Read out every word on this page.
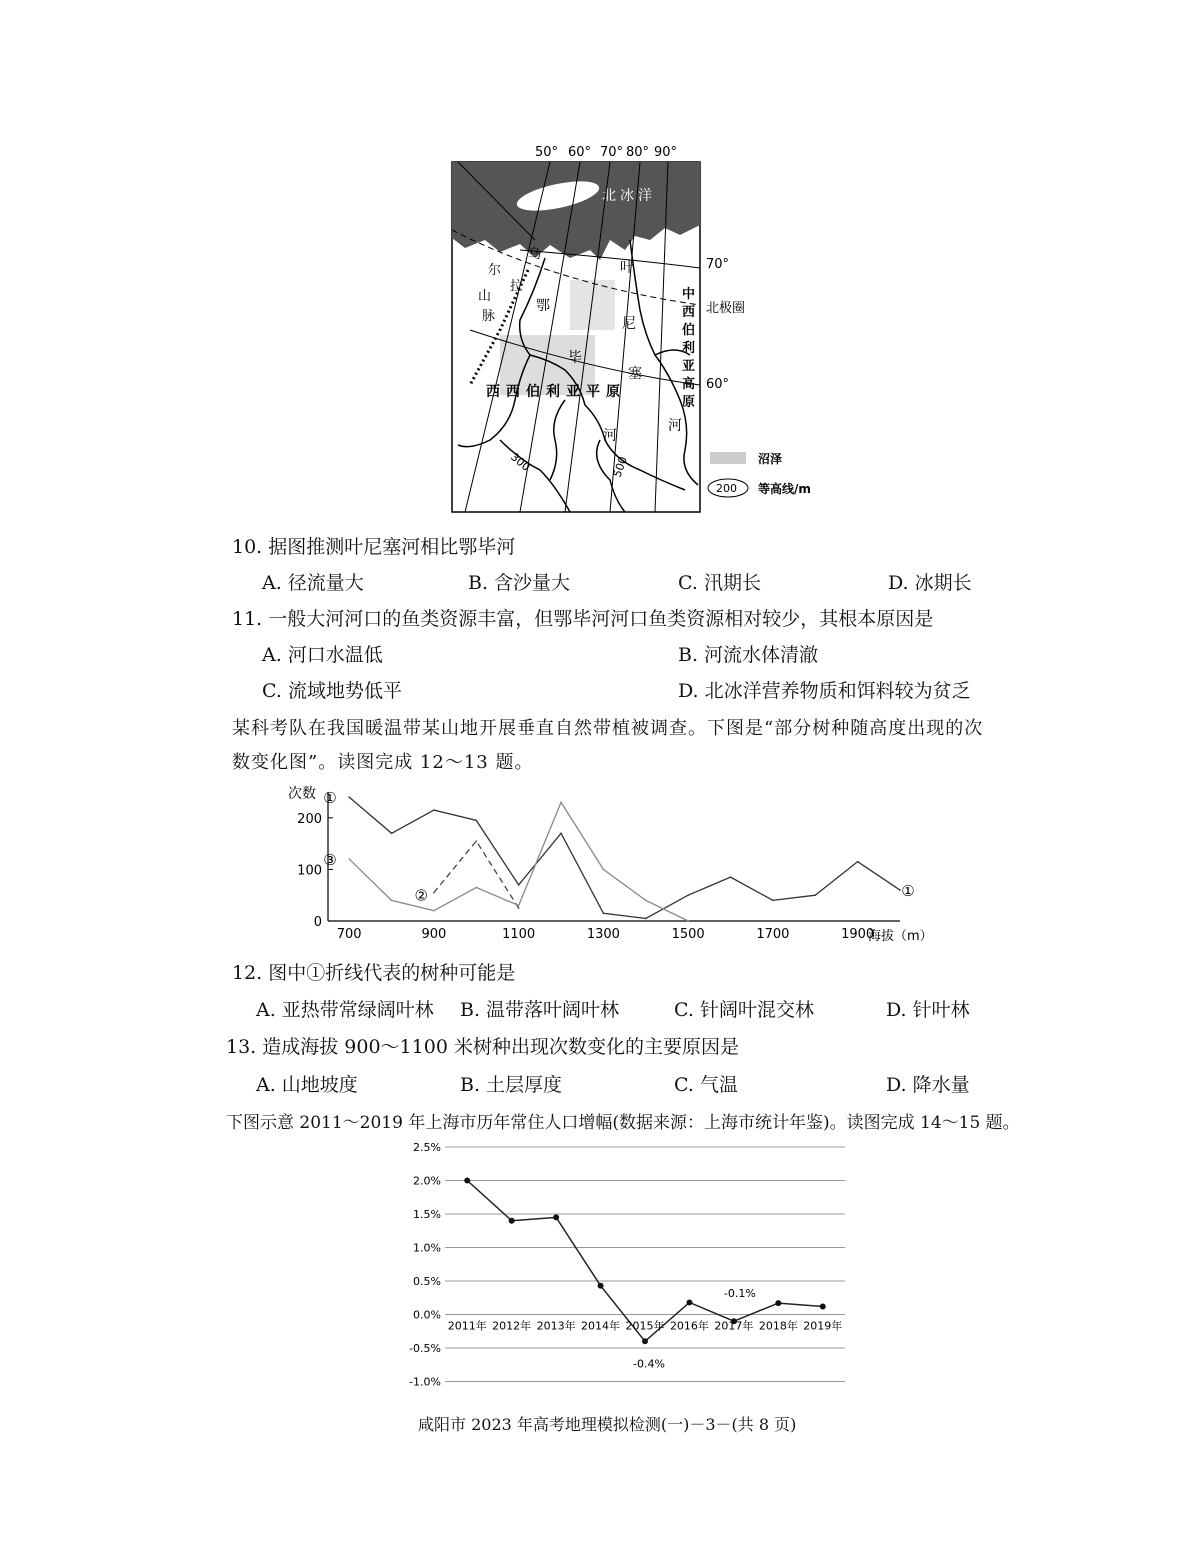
50° 60° 70° 80° 90°
北冰洋
300	500
70°
北极圈
60°
乌
尔
拉
山
脉
鄂
毕
河
叶
尼
塞
河
西 西 伯 利 亚 平 原
中
西
伯
利
亚
高
原
沼泽
200 等高线/m
10. 据图推测叶尼塞河相比鄂毕河
A. 径流量大	B. 含沙量大	C. 汛期长	D. 冰期长
11. 一般大河河口的鱼类资源丰富，但鄂毕河河口鱼类资源相对较少，其根本原因是
A. 河口水温低	B. 河流水体清澈
C. 流域地势低平	D. 北冰洋营养物质和饵料较为贫乏
某科考队在我国暖温带某山地开展垂直自然带植被调查。下图是“部分树种随高度出现的次
数变化图”。读图完成 12～13 题。
次数
海拔（m）
0
100
200
700	900	1100	1300	1500	1700	1900
①
②
③
①
12. 图中①折线代表的树种可能是
A. 亚热带常绿阔叶林 B. 温带落叶阔叶林	C. 针阔叶混交林	D. 针叶林
13. 造成海拔 900～1100 米树种出现次数变化的主要原因是
A. 山地坡度	B. 土层厚度	C. 气温	D. 降水量
下图示意 2011～2019 年上海市历年常住人口增幅(数据来源：上海市统计年鉴)。读图完成 14～15 题。
2.5%
2.0%
1.5%
1.0%
0.5%
0.0%
-0.5%
-1.0%
2011年 2012年 2013年 2014年 2015年 2016年 2017年 2018年 2019年
-0.4%
-0.1%
咸阳市 2023 年高考地理模拟检测(一)－3－(共 8 页)
